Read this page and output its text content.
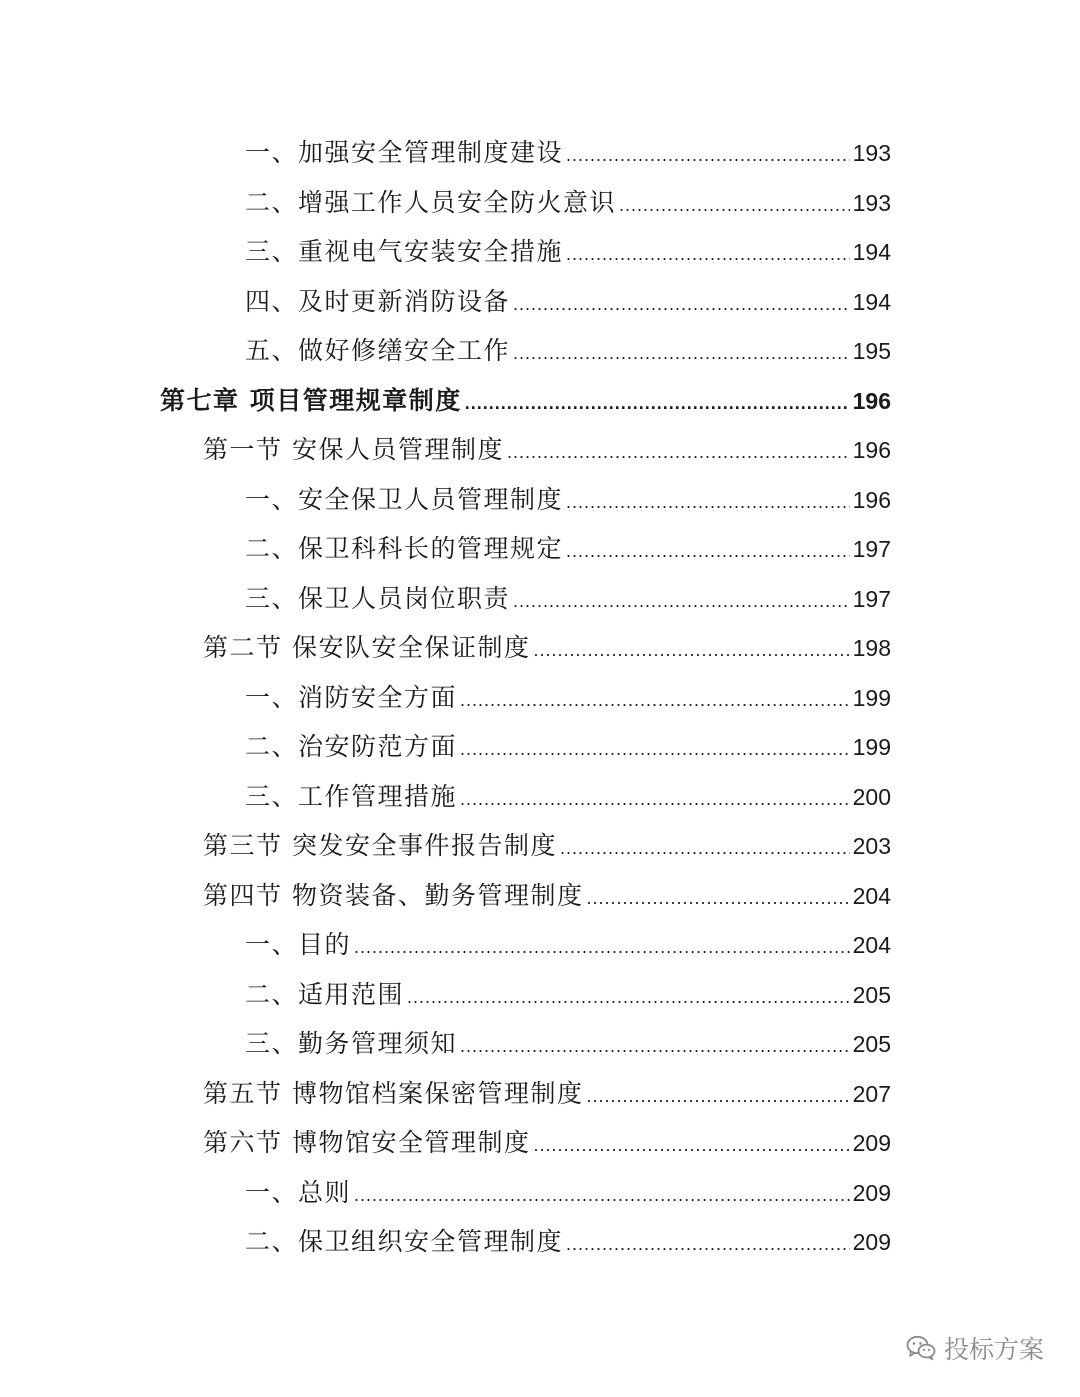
一、加强安全管理制度建设 .....	193
二、增强工作人员安全防火意识 .....	193
三、重视电气安装安全措施 .....	194
四、及时更新消防设备 .....	194
五、做好修缮安全工作 .....	195
第七章 项目管理规章制度 .....	196
第一节 安保人员管理制度 .....	196
一、安全保卫人员管理制度 .....	196
二、保卫科科长的管理规定 .....	197
三、保卫人员岗位职责 .....	197
第二节 保安队安全保证制度 .....	198
一、消防安全方面 .....	199
二、治安防范方面 .....	199
三、工作管理措施 .....	200
第三节 突发安全事件报告制度 .....	203
第四节 物资装备、勤务管理制度 .....	204
一、目的 .....	204
二、适用范围 .....	205
三、勤务管理须知 .....	205
第五节 博物馆档案保密管理制度 .....	207
第六节 博物馆安全管理制度 .....	209
一、总则 .....	209
二、保卫组织安全管理制度 .....	209
投标方案
